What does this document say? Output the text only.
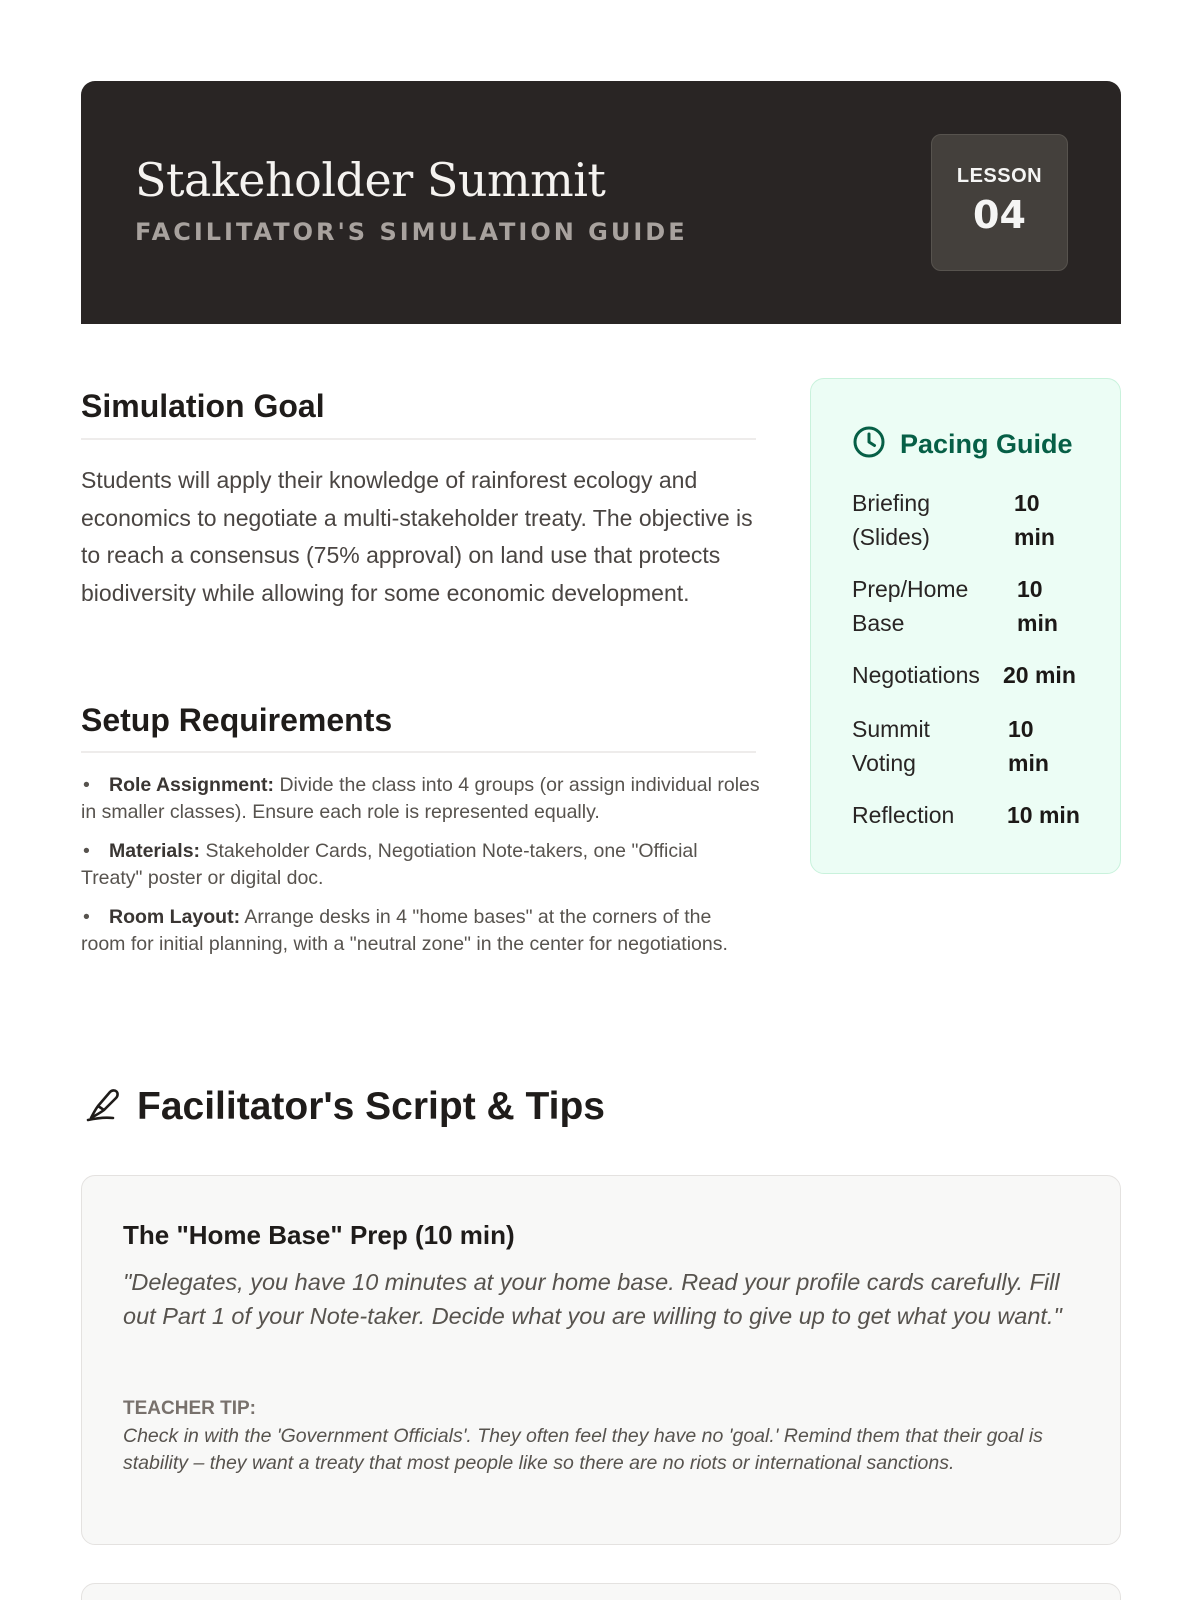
Stakeholder Summit
FACILITATOR'S SIMULATION GUIDE
LESSON
04
Simulation Goal
Students will apply their knowledge of rainforest ecology and economics to negotiate a multi-stakeholder treaty. The objective is to reach a consensus (75% approval) on land use that protects biodiversity while allowing for some economic development.
Setup Requirements
• Role Assignment: Divide the class into 4 groups (or assign individual roles in smaller classes). Ensure each role is represented equally.
• Materials: Stakeholder Cards, Negotiation Note-takers, one "Official Treaty" poster or digital doc.
• Room Layout: Arrange desks in 4 "home bases" at the corners of the room for initial planning, with a "neutral zone" in the center for negotiations.
Pacing Guide
Briefing (Slides)
10 min
Prep/Home Base
10 min
Negotiations 20 min
Summit Voting
10 min
Reflection 10 min
Facilitator's Script & Tips
The "Home Base" Prep (10 min)
"Delegates, you have 10 minutes at your home base. Read your profile cards carefully. Fill out Part 1 of your Note-taker. Decide what you are willing to give up to get what you want."
TEACHER TIP:
Check in with the 'Government Officials'. They often feel they have no 'goal.' Remind them that their goal is stability – they want a treaty that most people like so there are no riots or international sanctions.
